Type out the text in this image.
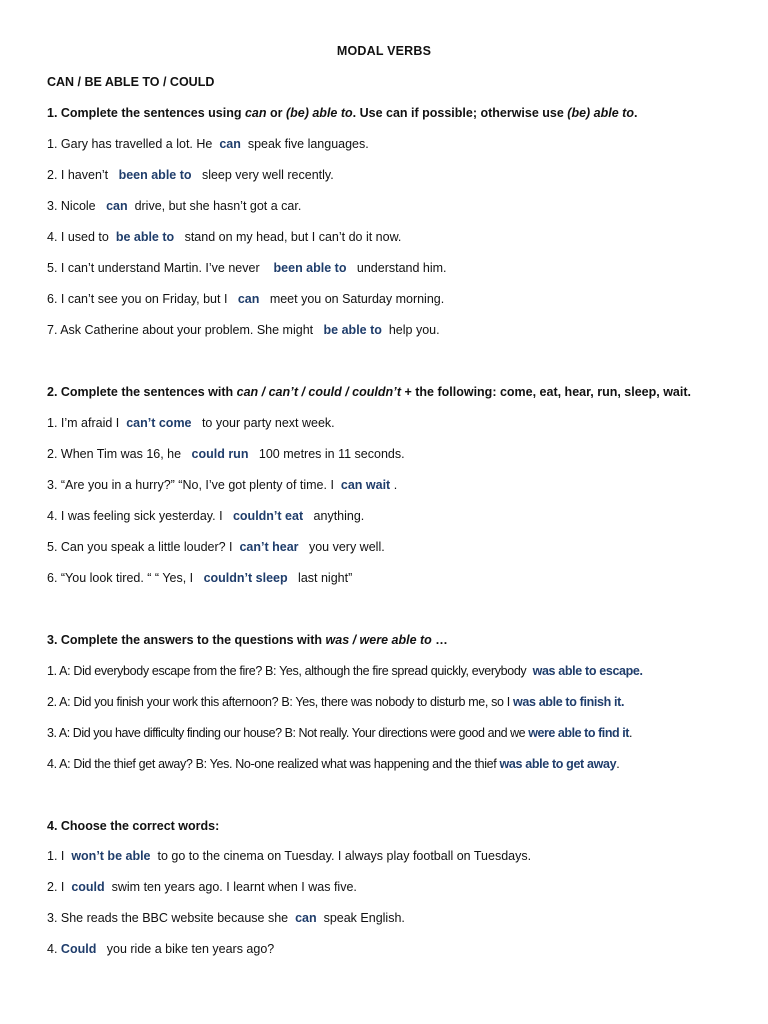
MODAL VERBS
CAN / BE ABLE TO / COULD
1. Complete the sentences using can or (be) able to. Use can if possible; otherwise use (be) able to.
1. Gary has travelled a lot. He can speak five languages.
2. I haven’t been able to sleep very well recently.
3. Nicole can drive, but she hasn’t got a car.
4. I used to be able to stand on my head, but I can’t do it now.
5. I can’t understand Martin. I’ve never been able to understand him.
6. I can’t see you on Friday, but I can meet you on Saturday morning.
7. Ask Catherine about your problem. She might be able to help you.
2. Complete the sentences with can / can’t / could / couldn’t + the following: come, eat, hear, run, sleep, wait.
1. I’m afraid I can’t come to your party next week.
2. When Tim was 16, he could run 100 metres in 11 seconds.
3. “Are you in a hurry?” “No, I’ve got plenty of time. I can wait .
4. I was feeling sick yesterday. I couldn’t eat anything.
5. Can you speak a little louder? I can’t hear you very well.
6. “You look tired. “ “ Yes, I couldn’t sleep last night”
3. Complete the answers to the questions with was / were able to …
1. A: Did everybody escape from the fire? B: Yes, although the fire spread quickly, everybody was able to escape.
2. A: Did you finish your work this afternoon? B: Yes, there was nobody to disturb me, so I was able to finish it.
3. A: Did you have difficulty finding our house? B: Not really. Your directions were good and we were able to find it.
4. A: Did the thief get away? B: Yes. No-one realized what was happening and the thief was able to get away.
4. Choose the correct words:
1. I won’t be able to go to the cinema on Tuesday. I always play football on Tuesdays.
2. I could swim ten years ago. I learnt when I was five.
3. She reads the BBC website because she can speak English.
4. Could you ride a bike ten years ago?
